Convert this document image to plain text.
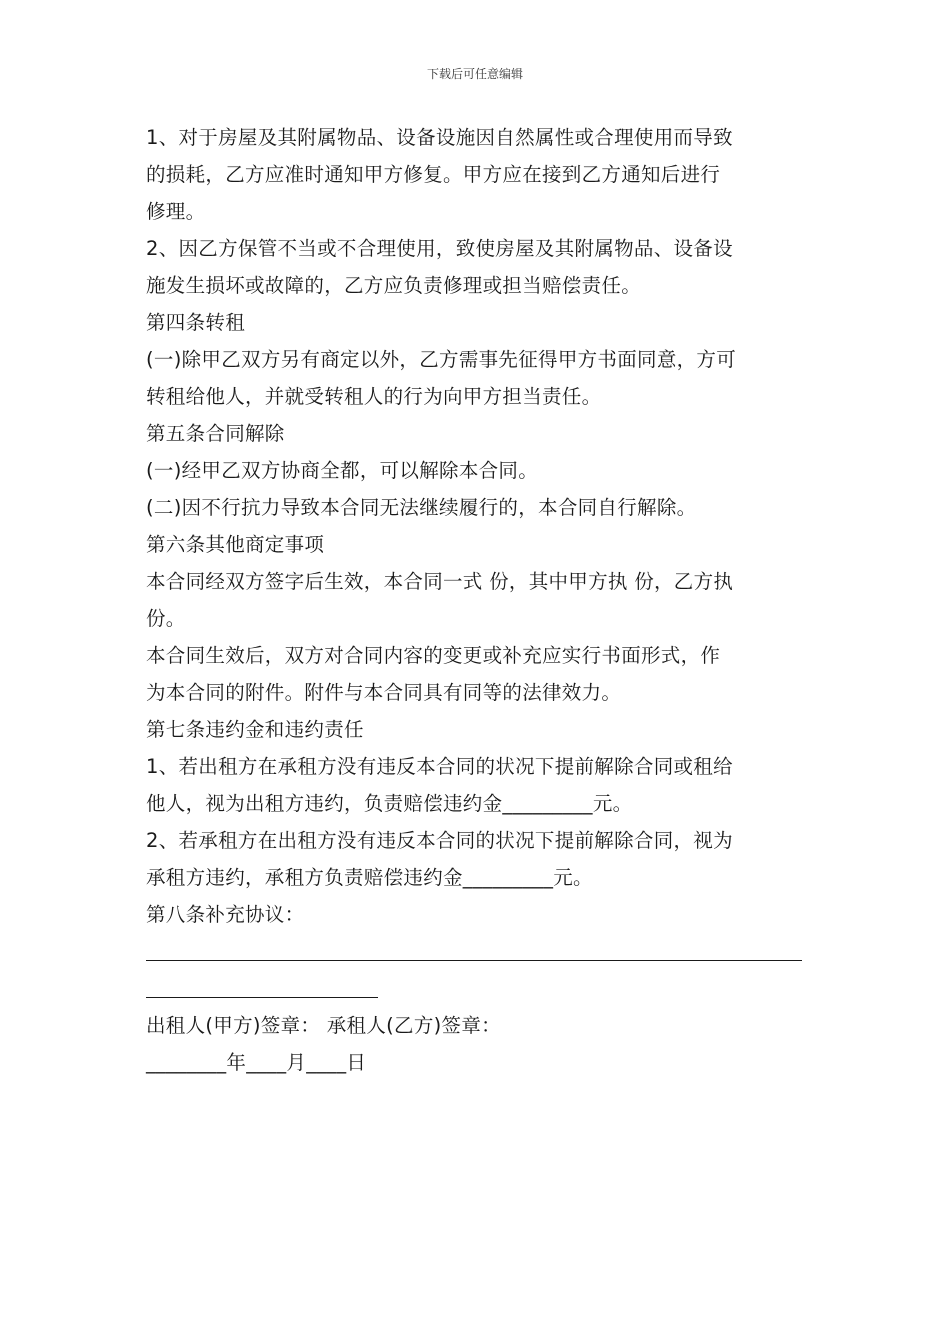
下载后可任意编辑
1、对于房屋及其附属物品、设备设施因自然属性或合理使用而导致
的损耗，乙方应准时通知甲方修复。甲方应在接到乙方通知后进行
修理。
2、因乙方保管不当或不合理使用，致使房屋及其附属物品、设备设
施发生损坏或故障的，乙方应负责修理或担当赔偿责任。
第四条转租
(一)除甲乙双方另有商定以外，乙方需事先征得甲方书面同意，方可
转租给他人，并就受转租人的行为向甲方担当责任。
第五条合同解除
(一)经甲乙双方协商全都，可以解除本合同。
(二)因不行抗力导致本合同无法继续履行的，本合同自行解除。
第六条其他商定事项
本合同经双方签字后生效，本合同一式 份，其中甲方执 份，乙方执
份。
本合同生效后，双方对合同内容的变更或补充应实行书面形式，作
为本合同的附件。附件与本合同具有同等的法律效力。
第七条违约金和违约责任
1、若出租方在承租方没有违反本合同的状况下提前解除合同或租给
他人，视为出租方违约，负责赔偿违约金_________元。
2、若承租方在出租方没有违反本合同的状况下提前解除合同，视为
承租方违约，承租方负责赔偿违约金_________元。
第八条补充协议：
出租人(甲方)签章： 承租人(乙方)签章：
________年____月____日
